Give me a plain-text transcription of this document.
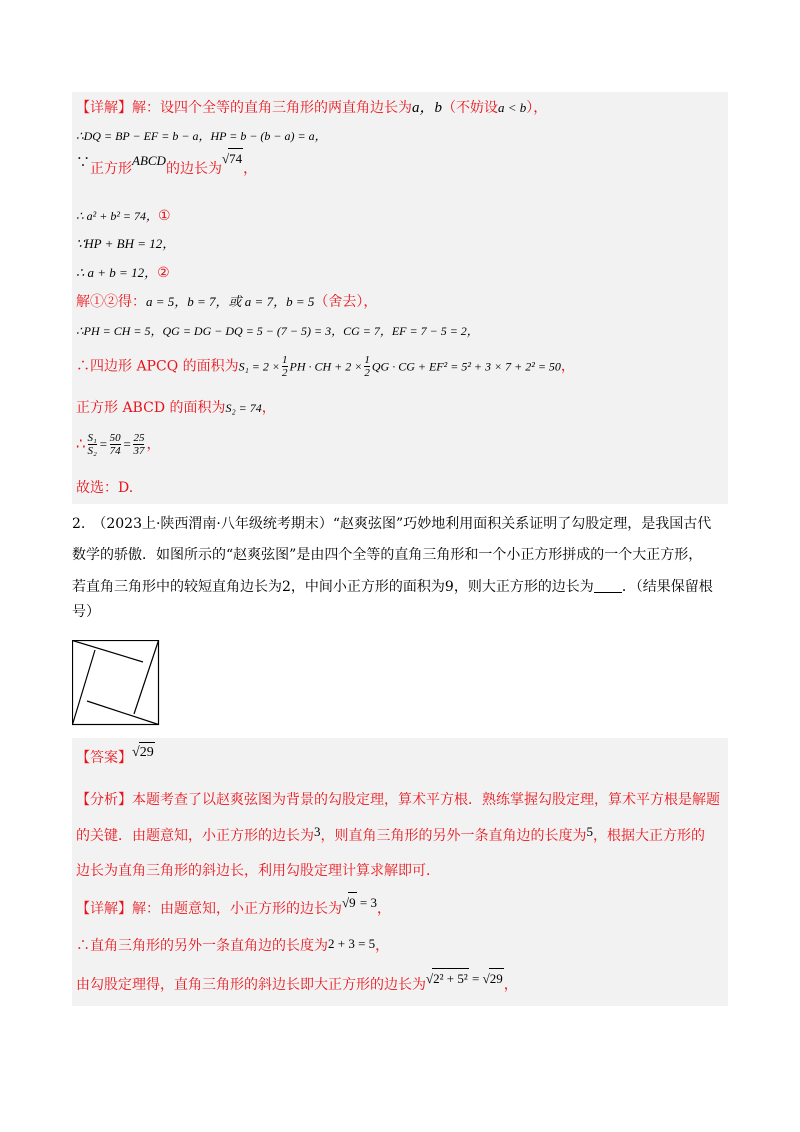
【详解】解：设四个全等的直角三角形的两直角边长为a，b（不妨设a < b），
∴DQ = BP − EF = b − a，HP = b − (b − a) = a，
∵正方形ABCD的边长为√74，
∴ a² + b² = 74，①
∵HP + BH = 12，
∴ a + b = 12，②
解①②得：a = 5，b = 7，或 a = 7，b = 5（舍去），
∴PH = CH = 5，QG = DG − DQ = 5 − (7 − 5) = 3，CG = 7，EF = 7 − 5 = 2，
∴四边形 APCQ 的面积为$S_1 = 2 \times \frac{1}{2}$ PH · CH + $2 \times \frac{1}{2}$ QG · CG + EF² = 5² + 3 × 7 + 2² = 50，
正方形 ABCD 的面积为S₂ = 74，
∴ $\frac{\text{S₁}}{\text{S₂}} = \frac{50}{74} = \frac{25}{37}$ ，
故选：D.
2.　（2023上·陕西渭南·八年级统考期末）“赵爽弦图”巧妙地利用面积关系证明了勾股定理，是我国古代
数学的骄傲．如图所示的“赵爽弦图”是由四个全等的直角三角形和一个小正方形拼成的一个大正方形，
若直角三角形中的较短直角边长为2，中间小正方形的面积为9，则大正方形的边长为 ．（结果保留根
号）
【答案】√29
【分析】本题考查了以赵爽弦图为背景的勾股定理，算术平方根．熟练掌握勾股定理，算术平方根是解题
的关键．由题意知，小正方形的边长为3，则直角三角形的另外一条直角边的长度为5，根据大正方形的
边长为直角三角形的斜边长，利用勾股定理计算求解即可．
【详解】解：由题意知，小正方形的边长为√9 = 3，
∴直角三角形的另外一条直角边的长度为2 + 3 = 5，
由勾股定理得，直角三角形的斜边长即大正方形的边长为√2² + 5² = √29，
